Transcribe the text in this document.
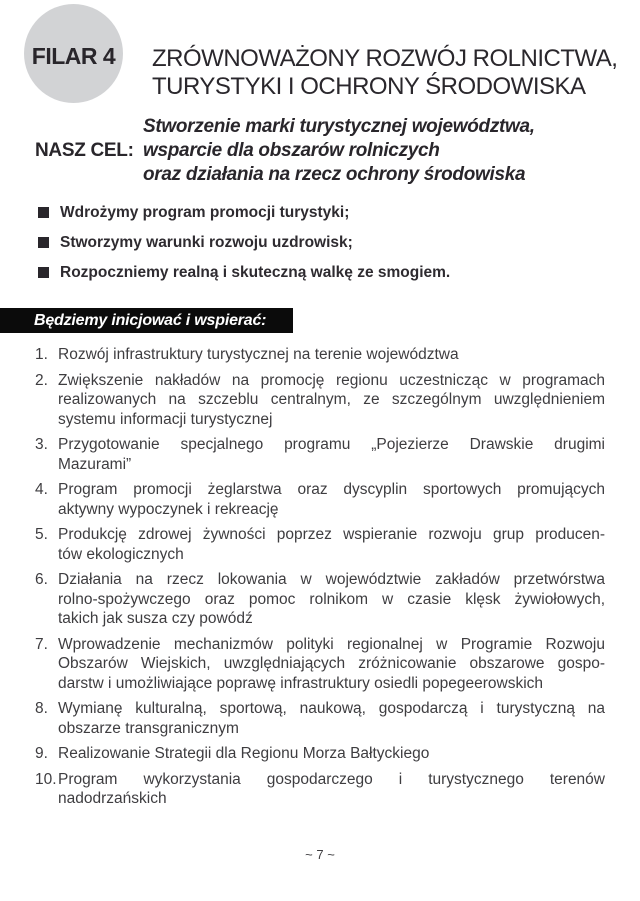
FILAR 4 ZRÓWNOWAŻONY ROZWÓJ ROLNICTWA,
TURYSTYKI I OCHRONY ŚRODOWISKA
NASZ CEL:
Stworzenie marki turystycznej województwa,
wsparcie dla obszarów rolniczych
oraz działania na rzecz ochrony środowiska
Wdrożymy program promocji turystyki;
Stworzymy warunki rozwoju uzdrowisk;
Rozpoczniemy realną i skuteczną walkę ze smogiem.
Będziemy inicjować i wspierać:
1. Rozwój infrastruktury turystycznej na terenie województwa
2. Zwiększenie nakładów na promocję regionu uczestnicząc w programach
realizowanych na szczeblu centralnym, ze szczególnym uwzględnieniem
systemu informacji turystycznej
3. Przygotowanie specjalnego programu „Pojezierze Drawskie drugimi
Mazurami”
4. Program promocji żeglarstwa oraz dyscyplin sportowych promujących
aktywny wypoczynek i rekreację
5. Produkcję zdrowej żywności poprzez wspieranie rozwoju grup producen-
tów ekologicznych
6. Działania na rzecz lokowania w województwie zakładów przetwórstwa
rolno-spożywczego oraz pomoc rolnikom w czasie klęsk żywiołowych,
takich jak susza czy powódź
7. Wprowadzenie mechanizmów polityki regionalnej w Programie Rozwoju
Obszarów Wiejskich, uwzględniających zróżnicowanie obszarowe gospo-
darstw i umożliwiające poprawę infrastruktury osiedli popegeerowskich
8. Wymianę kulturalną, sportową, naukową, gospodarczą i turystyczną na
obszarze transgranicznym
9. Realizowanie Strategii dla Regionu Morza Bałtyckiego
10. Program wykorzystania gospodarczego i turystycznego terenów
nadodrzańskich
~ 7 ~
